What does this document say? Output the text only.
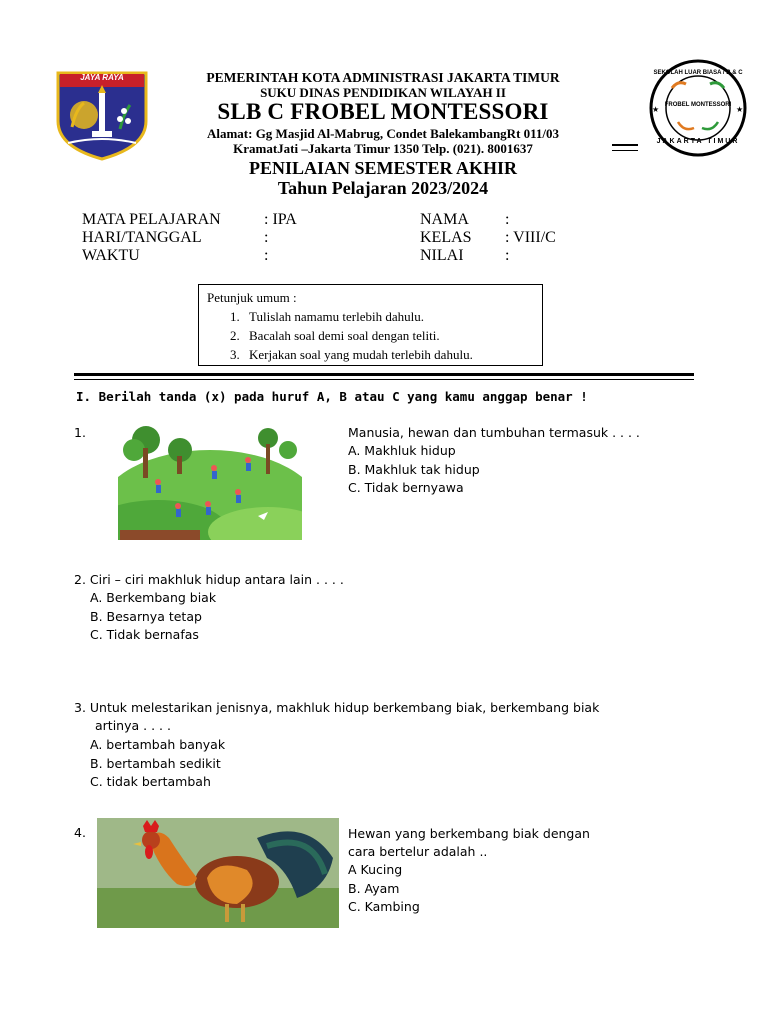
JAYA RAYA
★	★
FROBEL MONTESSORI
SEKOLAH LUAR BIASA / B & C
JAKARTA TIMUR
PEMERINTAH KOTA ADMINISTRASI JAKARTA TIMUR
SUKU DINAS PENDIDIKAN WILAYAH II
SLB C FROBEL MONTESSORI
Alamat: Gg Masjid Al-Mabrug, Condet BalekambangRt 011/03
KramatJati –Jakarta Timur 1350 Telp. (021). 8001637
PENILAIAN SEMESTER AKHIR
Tahun Pelajaran 2023/2024
MATA PELAJARAN	: IPA
HARI/TANGGAL	:
WAKTU	:
NAMA :
KELAS : VIII/C
NILAI	:
Petunjuk umum :
1. Tulislah namamu terlebih dahulu.
2. Bacalah soal demi soal dengan teliti.
3. Kerjakan soal yang mudah terlebih dahulu.
I. Berilah tanda (x) pada huruf A, B atau C yang kamu anggap benar !
1.	Manusia, hewan dan tumbuhan termasuk . . . .
A. Makhluk hidup
B. Makhluk tak hidup
C. Tidak bernyawa
2. Ciri – ciri makhluk hidup antara lain . . . .
A. Berkembang biak
B. Besarnya tetap
C. Tidak bernafas
3. Untuk melestarikan jenisnya, makhluk hidup berkembang biak, berkembang biak
artinya . . . .
A. bertambah banyak
B. bertambah sedikit
C. tidak bertambah
4.	Hewan yang berkembang biak dengan
cara bertelur adalah ..
A Kucing
B. Ayam
C. Kambing
